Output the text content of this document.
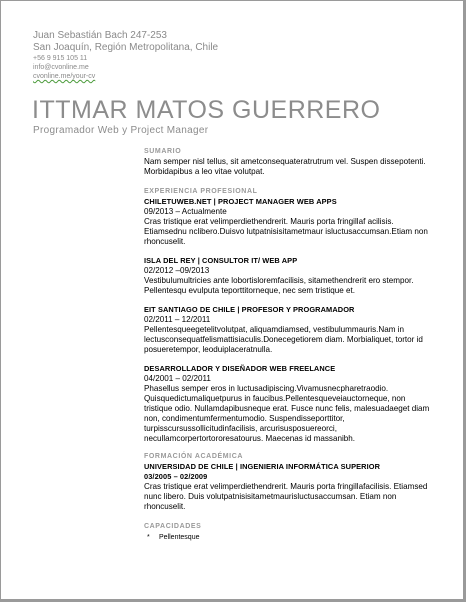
Juan Sebastián Bach 247-253
San Joaquín, Región Metropolitana, Chile
+56 9 915 105 11
info@cvonline.me
cvonline.me/your-cv
ITTMAR MATOS GUERRERO
Programador Web y Project Manager
SUMARIO

Nam semper nisl tellus, sit ametconsequateratrutrum vel. Suspen dissepotenti. Morbidapibus a leo vitae volutpat.

EXPERIENCIA PROFESIONAL

CHILETUWEB.NET | PROJECT MANAGER WEB APPS

09/2013 – Actualmente

Cras tristique erat velimperdiethendrerit. Mauris porta fringillaf acilisis. Etiamsednu nclibero.Duisvo lutpatnisisitametmaur isluctusaccumsan.Etiam non rhoncuselit.

ISLA DEL REY | CONSULTOR IT/ WEB APP

02/2012 –09/2013

Vestibulumultricies ante lobortisloremfacilisis, sitamethendrerit ero stempor. Pellentesqu evulputa teporttitorneque, nec sem tristique et.

EIT SANTIAGO DE CHILE | PROFESOR Y PROGRAMADOR

02/2011 – 12/2011

Pellentesqueegetelitvolutpat, aliquamdiamsed, vestibulummauris.Nam in lectusconsequatfelismattisiaculis.Donecegetiorem diam. Morbialiquet, tortor id posueretempor, leoduiplaceratnulla.

DESARROLLADOR Y DISEÑADOR WEB FREELANCE

04/2001 – 02/2011

Phasellus semper eros in luctusadipiscing.Vivamusnecpharetraodio. Quisquedictumaliquetpurus in faucibus.Pellentesqueveiauctorneque, non tristique odio. Nullamdapibusneque erat. Fusce nunc felis, malesuadaeget diam non, condimentumfermentumodio. Suspendisseporttitor, turpisscursussollicitudinfacilisis, arcurisusposuereorci, necullamcorpertortororesatourus. Maecenas id massanibh.

FORMACIÓN ACADÉMICA

UNIVERSIDAD DE CHILE | INGENIERIA INFORMÁTICA SUPERIOR

03/2005 – 02/2009

Cras tristique erat velimperdiethendrerit. Mauris porta fringillafacilisis. Etiamsed nunc libero. Duis volutpatnisisitametmaurisluctusaccumsan. Etiam non rhoncuselit.

CAPACIDADES
* Pellentesque
